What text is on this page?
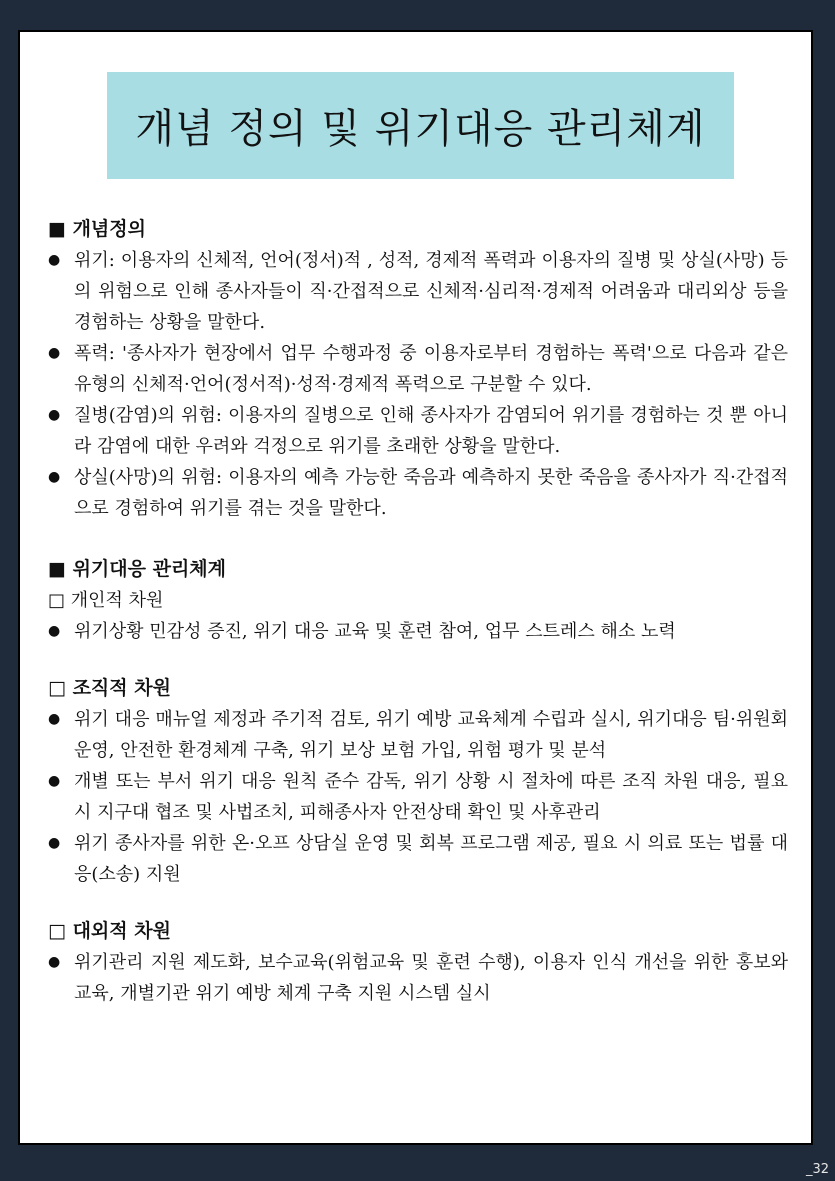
개념 정의 및 위기대응 관리체계

■ 개념정의

● 위기: 이용자의 신체적, 언어(정서)적 , 성적, 경제적 폭력과 이용자의 질병 및 상실(사망) 등의 위험으로 인해 종사자들이 직·간접적으로 신체적·심리적·경제적 어려움과 대리외상 등을 경험하는 상황을 말한다.
● 폭력: '종사자가 현장에서 업무 수행과정 중 이용자로부터 경험하는 폭력'으로 다음과 같은 유형의 신체적·언어(정서적)·성적·경제적 폭력으로 구분할 수 있다.
● 질병(감염)의 위험: 이용자의 질병으로 인해 종사자가 감염되어 위기를 경험하는 것 뿐 아니라 감염에 대한 우려와 걱정으로 위기를 초래한 상황을 말한다.
● 상실(사망)의 위험: 이용자의 예측 가능한 죽음과 예측하지 못한 죽음을 종사자가 직·간접적으로 경험하여 위기를 겪는 것을 말한다.

■ 위기대응 관리체계

□ 개인적 차원

● 위기상황 민감성 증진, 위기 대응 교육 및 훈련 참여, 업무 스트레스 해소 노력

□ 조직적 차원

● 위기 대응 매뉴얼 제정과 주기적 검토, 위기 예방 교육체계 수립과 실시, 위기대응 팀·위원회 운영, 안전한 환경체계 구축, 위기 보상 보험 가입, 위험 평가 및 분석
● 개별 또는 부서 위기 대응 원칙 준수 감독, 위기 상황 시 절차에 따른 조직 차원 대응, 필요 시 지구대 협조 및 사법조치, 피해종사자 안전상태 확인 및 사후관리
● 위기 종사자를 위한 온·오프 상담실 운영 및 회복 프로그램 제공, 필요 시 의료 또는 법률 대응(소송) 지원

□ 대외적 차원

● 위기관리 지원 제도화, 보수교육(위험교육 및 훈련 수행), 이용자 인식 개선을 위한 홍보와 교육, 개별기관 위기 예방 체계 구축 지원 시스템 실시
_32
